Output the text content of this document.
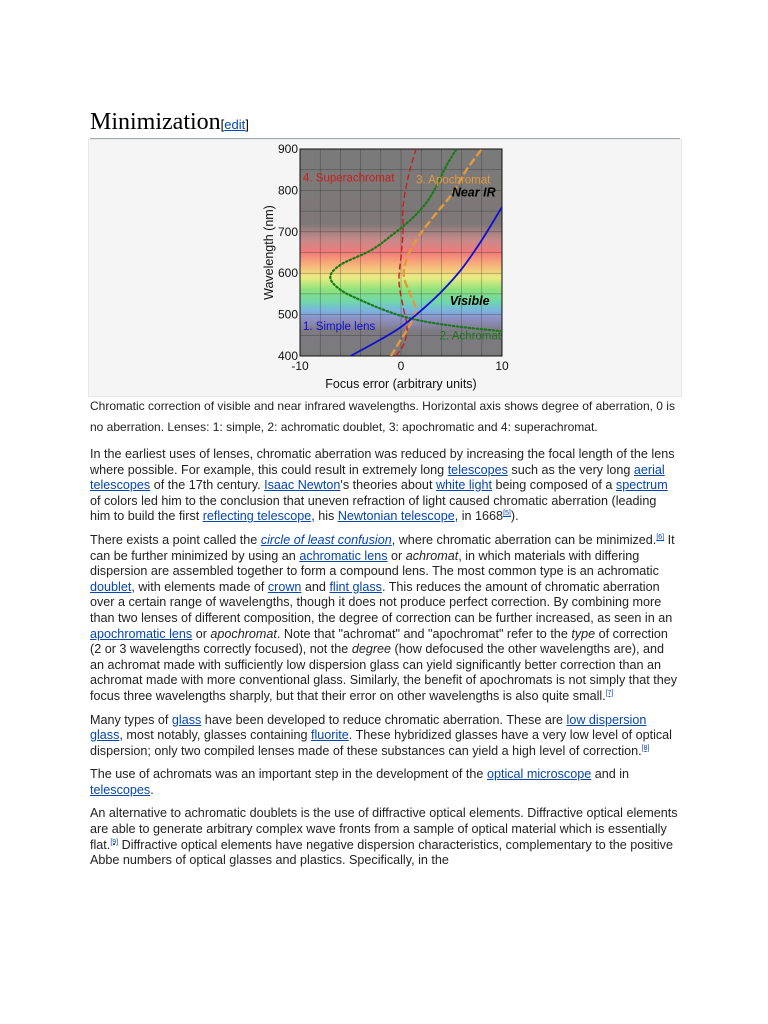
Minimization[edit]
400
500
600
700
800
900
-10	0	10
Focus error (arbitrary units)
Wavelength (nm)
Near IR
Visible
1. Simple lens
2. Achromat
3. Apochromat
4. Superachromat
Chromatic correction of visible and near infrared wavelengths. Horizontal axis shows degree of aberration, 0 is no aberration. Lenses: 1: simple, 2: achromatic doublet, 3: apochromatic and 4: superachromat.

In the earliest uses of lenses, chromatic aberration was reduced by increasing the focal length of the lens where possible. For example, this could result in extremely long telescopes such as the very long aerial telescopes of the 17th century. Isaac Newton's theories about white light being composed of a spectrum of colors led him to the conclusion that uneven refraction of light caused chromatic aberration (leading him to build the first reflecting telescope, his Newtonian telescope, in 1668[5]).

There exists a point called the circle of least confusion, where chromatic aberration can be minimized.[6] It can be further minimized by using an achromatic lens or achromat, in which materials with differing dispersion are assembled together to form a compound lens. The most common type is an achromatic doublet, with elements made of crown and flint glass. This reduces the amount of chromatic aberration over a certain range of wavelengths, though it does not produce perfect correction. By combining more than two lenses of different composition, the degree of correction can be further increased, as seen in an apochromatic lens or apochromat. Note that "achromat" and "apochromat" refer to the type of correction (2 or 3 wavelengths correctly focused), not the degree (how defocused the other wavelengths are), and an achromat made with sufficiently low dispersion glass can yield significantly better correction than an achromat made with more conventional glass. Similarly, the benefit of apochromats is not simply that they focus three wavelengths sharply, but that their error on other wavelengths is also quite small.[7]

Many types of glass have been developed to reduce chromatic aberration. These are low dispersion glass, most notably, glasses containing fluorite. These hybridized glasses have a very low level of optical dispersion; only two compiled lenses made of these substances can yield a high level of correction.[8]

The use of achromats was an important step in the development of the optical microscope and in telescopes.

An alternative to achromatic doublets is the use of diffractive optical elements. Diffractive optical elements are able to generate arbitrary complex wave fronts from a sample of optical material which is essentially flat.[9] Diffractive optical elements have negative dispersion characteristics, complementary to the positive Abbe numbers of optical glasses and plastics. Specifically, in the
